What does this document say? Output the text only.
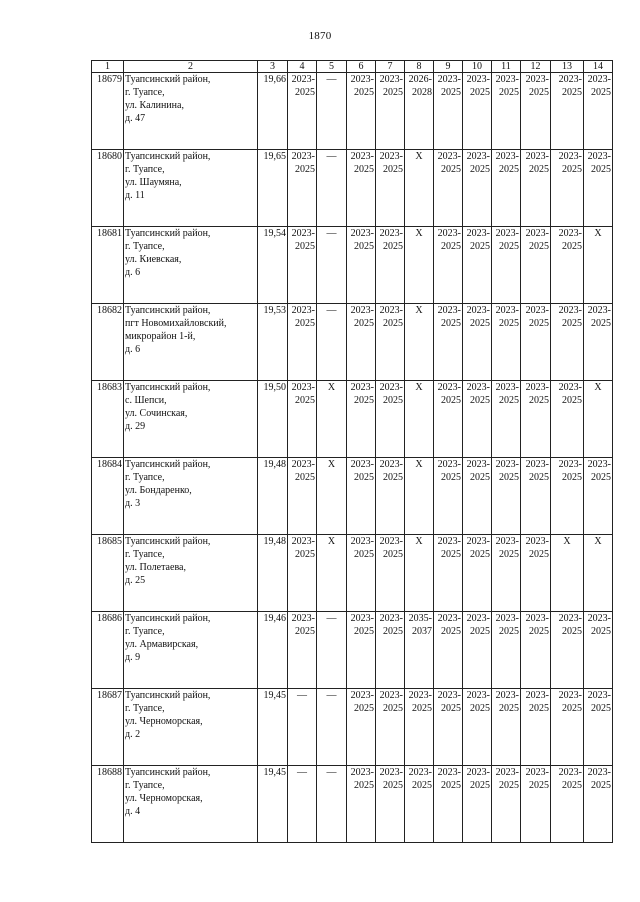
1870
1	2	3	4	5	6	7	8	9	10	11	12	13	14
18679	Туапсинский район,
г. Туапсе,
ул. Калинина,
д. 47	19,66	2023-
2025	—	2023-
2025	2023-
2025	2026-
2028	2023-
2025	2023-
2025	2023-
2025	2023-
2025	2023-
2025	2023-
2025

18680	Туапсинский район,
г. Туапсе,
ул. Шаумяна,
д. 11	19,65	2023-
2025	—	2023-
2025	2023-
2025	X	2023-
2025	2023-
2025	2023-
2025	2023-
2025	2023-
2025	2023-
2025

18681	Туапсинский район,
г. Туапсе,
ул. Киевская,
д. 6	19,54	2023-
2025	—	2023-
2025	2023-
2025	X	2023-
2025	2023-
2025	2023-
2025	2023-
2025	2023-
2025	X
18682	Туапсинский район,
пгт Новомихайловский,
микрорайон 1-й,
д. 6	19,53	2023-
2025	—	2023-
2025	2023-
2025	X	2023-
2025	2023-
2025	2023-
2025	2023-
2025	2023-
2025	2023-
2025

18683	Туапсинский район,
с. Шепси,
ул. Сочинская,
д. 29	19,50	2023-
2025	X	2023-
2025	2023-
2025	X	2023-
2025	2023-
2025	2023-
2025	2023-
2025	2023-
2025	X
18684	Туапсинский район,
г. Туапсе,
ул. Бондаренко,
д. 3	19,48	2023-
2025	X	2023-
2025	2023-
2025	X	2023-
2025	2023-
2025	2023-
2025	2023-
2025	2023-
2025	2023-
2025

18685	Туапсинский район,
г. Туапсе,
ул. Полетаева,
д. 25	19,48	2023-
2025	X	2023-
2025	2023-
2025	X	2023-
2025	2023-
2025	2023-
2025	2023-
2025	X	X
18686	Туапсинский район,
г. Туапсе,
ул. Армавирская,
д. 9	19,46	2023-
2025	—	2023-
2025	2023-
2025	2035-
2037	2023-
2025	2023-
2025	2023-
2025	2023-
2025	2023-
2025	2023-
2025

18687	Туапсинский район,
г. Туапсе,
ул. Черноморская,
д. 2	19,45	—	—	2023-
2025	2023-
2025	2023-
2025	2023-
2025	2023-
2025	2023-
2025	2023-
2025	2023-
2025	2023-
2025

18688	Туапсинский район,
г. Туапсе,
ул. Черноморская,
д. 4	19,45	—	—	2023-
2025	2023-
2025	2023-
2025	2023-
2025	2023-
2025	2023-
2025	2023-
2025	2023-
2025	2023-
2025
